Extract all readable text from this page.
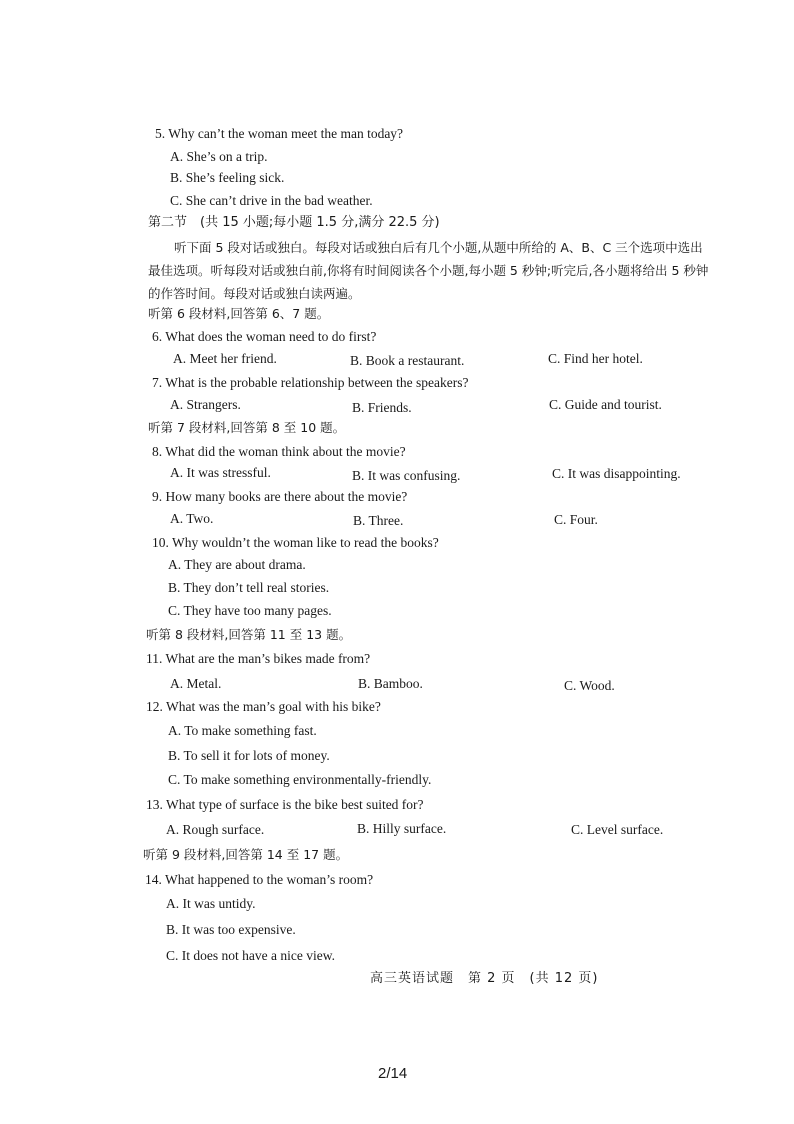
5. Why can’t the woman meet the man today?
A. She’s on a trip.
B. She’s feeling sick.
C. She can’t drive in the bad weather.
第二节　(共 15 小题;每小题 1.5 分,满分 22.5 分)
听下面 5 段对话或独白。每段对话或独白后有几个小题,从题中所给的 A、B、C 三个选项中选出最佳选项。听每段对话或独白前,你将有时间阅读各个小题,每小题 5 秒钟;听完后,各小题将给出 5 秒钟的作答时间。每段对话或独白读两遍。
听第 6 段材料,回答第 6、7 题。
6. What does the woman need to do first?
A. Meet her friend.	B. Book a restaurant.	C. Find her hotel.
7. What is the probable relationship between the speakers?
A. Strangers.	B. Friends.	C. Guide and tourist.
听第 7 段材料,回答第 8 至 10 题。
8. What did the woman think about the movie?
A. It was stressful.	B. It was confusing.	C. It was disappointing.
9. How many books are there about the movie?
A. Two.	B. Three.	C. Four.
10. Why wouldn’t the woman like to read the books?
A. They are about drama.
B. They don’t tell real stories.
C. They have too many pages.
听第 8 段材料,回答第 11 至 13 题。
11. What are the man’s bikes made from?
A. Metal.	B. Bamboo.	C. Wood.
12. What was the man’s goal with his bike?
A. To make something fast.
B. To sell it for lots of money.
C. To make something environmentally-friendly.
13. What type of surface is the bike best suited for?
A. Rough surface.	B. Hilly surface.	C. Level surface.
听第 9 段材料,回答第 14 至 17 题。
14. What happened to the woman’s room?
A. It was untidy.
B. It was too expensive.
C. It does not have a nice view.
高三英语试题　第 2 页　(共 12 页)
2/14
